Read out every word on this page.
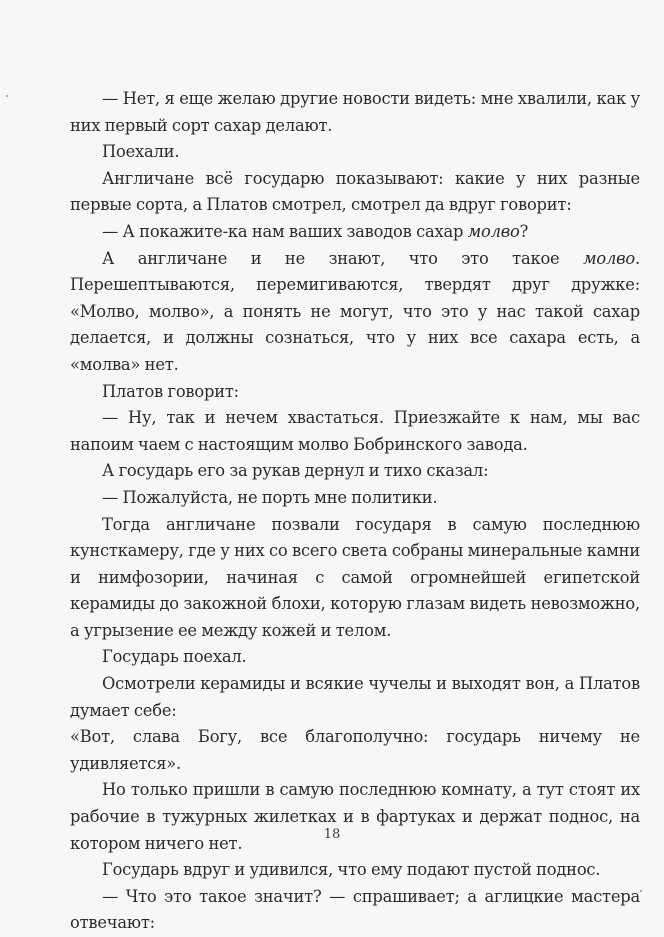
— Нет, я еще желаю другие новости видеть: мне хвалили, как у них первый сорт сахар делают.

Поехали.

Англичане всё государю показывают: какие у них разные первые сорта, а Платов смотрел, смотрел да вдруг говорит:

— А покажите-ка нам ваших заводов сахар молво?

А англичане и не знают, что это такое молво. Перешептываются, перемигиваются, твердят друг дружке: «Молво, молво», а понять не могут, что это у нас такой сахар делается, и должны сознаться, что у них все сахара есть, а «молва» нет.

Платов говорит:

— Ну, так и нечем хвастаться. Приезжайте к нам, мы вас напоим чаем с настоящим молво Бобринского завода.

А государь его за рукав дернул и тихо сказал:

— Пожалуйста, не порть мне политики.

Тогда англичане позвали государя в самую последнюю кунсткамеру, где у них со всего света собраны минеральные камни и нимфозории, начиная с самой огромнейшей египетской керамиды до закожной блохи, которую глазам видеть невозможно, а угрызение ее между кожей и телом.

Государь поехал.

Осмотрели керамиды и всякие чучелы и выходят вон, а Платов думает себе:

«Вот, слава Богу, все благополучно: государь ничему не удивляется».

Но только пришли в самую последнюю комнату, а тут стоят их рабочие в тужурных жилетках и в фартуках и держат поднос, на котором ничего нет.

Государь вдруг и удивился, что ему подают пустой поднос.

— Что это такое значит? — спрашивает; а аглицкие мастера отвечают:

18
